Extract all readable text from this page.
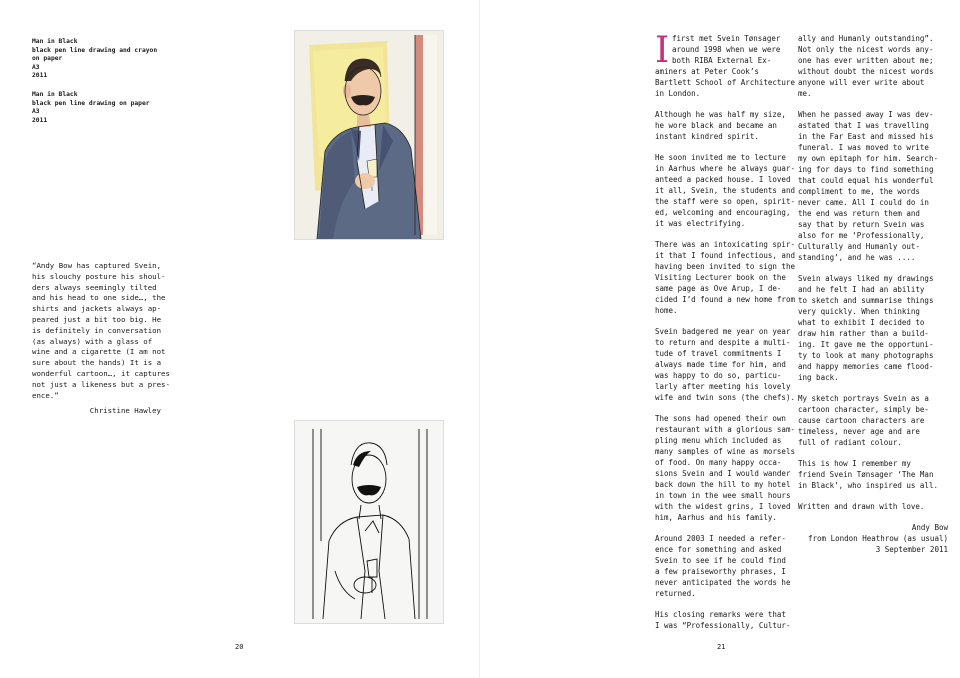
Man in Black
black pen line drawing and crayon
on paper
A3
2011
Man in Black
black pen line drawing on paper
A3
2011
“Andy Bow has captured Svein,
his slouchy posture his shoul-
ders always seemingly tilted
and his head to one side…, the
shirts and jackets always ap-
peared just a bit too big. He
is definitely in conversation
(as always) with a glass of
wine and a cigarette (I am not
sure about the hands) It is a
wonderful cartoon…, it captures
not just a likeness but a pres-
ence.”
Christine Hawley
20
I first met Svein Tønsager
around 1998 when we were
both RIBA External Ex-
aminers at Peter Cook’s
Bartlett School of Architecture
in London.

Although he was half my size,
he wore black and became an
instant kindred spirit.

He soon invited me to lecture
in Aarhus where he always guar-
anteed a packed house. I loved
it all, Svein, the students and
the staff were so open, spirit-
ed, welcoming and encouraging,
it was electrifying.

There was an intoxicating spir-
it that I found infectious, and
having been invited to sign the
Visiting Lecturer book on the
same page as Ove Arup, I de-
cided I’d found a new home from
home.

Svein badgered me year on year
to return and despite a multi-
tude of travel commitments I
always made time for him, and
was happy to do so, particu-
larly after meeting his lovely
wife and twin sons (the chefs).

The sons had opened their own
restaurant with a glorious sam-
pling menu which included as
many samples of wine as morsels
of food. On many happy occa-
sions Svein and I would wander
back down the hill to my hotel
in town in the wee small hours
with the widest grins, I loved
him, Aarhus and his family.

Around 2003 I needed a refer-
ence for something and asked
Svein to see if he could find
a few praiseworthy phrases, I
never anticipated the words he
returned.

His closing remarks were that
I was “Professionally, Cultur-

ally and Humanly outstanding”.
Not only the nicest words any-
one has ever written about me;
without doubt the nicest words
anyone will ever write about
me.

When he passed away I was dev-
astated that I was travelling
in the Far East and missed his
funeral. I was moved to write
my own epitaph for him. Search-
ing for days to find something
that could equal his wonderful
compliment to me, the words
never came. All I could do in
the end was return them and
say that by return Svein was
also for me ‘Professionally,
Culturally and Humanly out-
standing’, and he was ....

Svein always liked my drawings
and he felt I had an ability
to sketch and summarise things
very quickly. When thinking
what to exhibit I decided to
draw him rather than a build-
ing. It gave me the opportuni-
ty to look at many photographs
and happy memories came flood-
ing back.

My sketch portrays Svein as a
cartoon character, simply be-
cause cartoon characters are
timeless, never age and are
full of radiant colour.

This is how I remember my
friend Svein Tønsager ‘The Man
in Black’, who inspired us all.

Written and drawn with love.

Andy Bow
from London Heathrow (as usual)
3 September 2011
21
